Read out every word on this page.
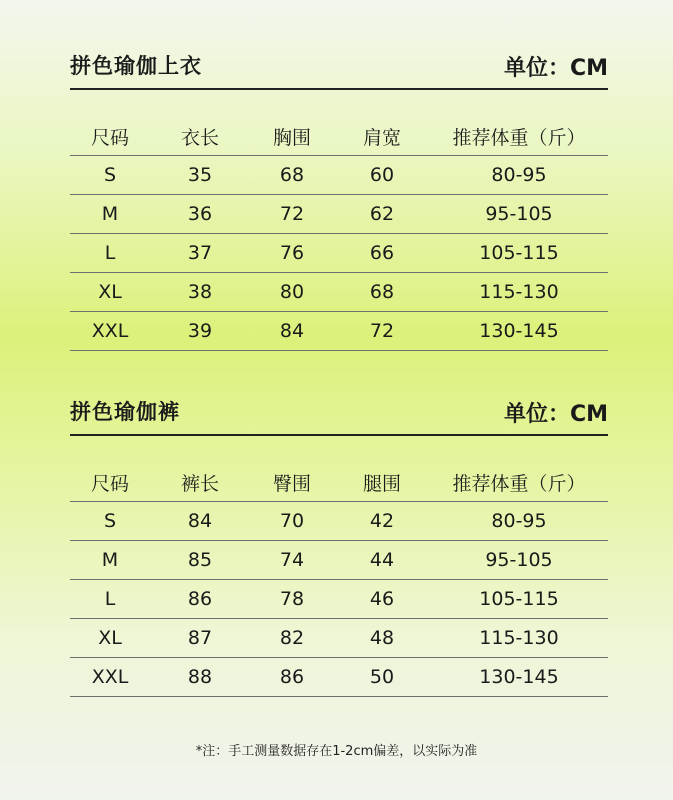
拼色瑜伽上衣	单位：CM
尺码	衣长	胸围	肩宽	推荐体重（斤）
S	35	68	60	80-95
M	36	72	62	95-105
L	37	76	66	105-115
XL	38	80	68	115-130
XXL	39	84	72	130-145
拼色瑜伽裤	单位：CM
尺码	裤长	臀围	腿围	推荐体重（斤）
S	84	70	42	80-95
M	85	74	44	95-105
L	86	78	46	105-115
XL	87	82	48	115-130
XXL	88	86	50	130-145
*注：手工测量数据存在1-2cm偏差，以实际为准
